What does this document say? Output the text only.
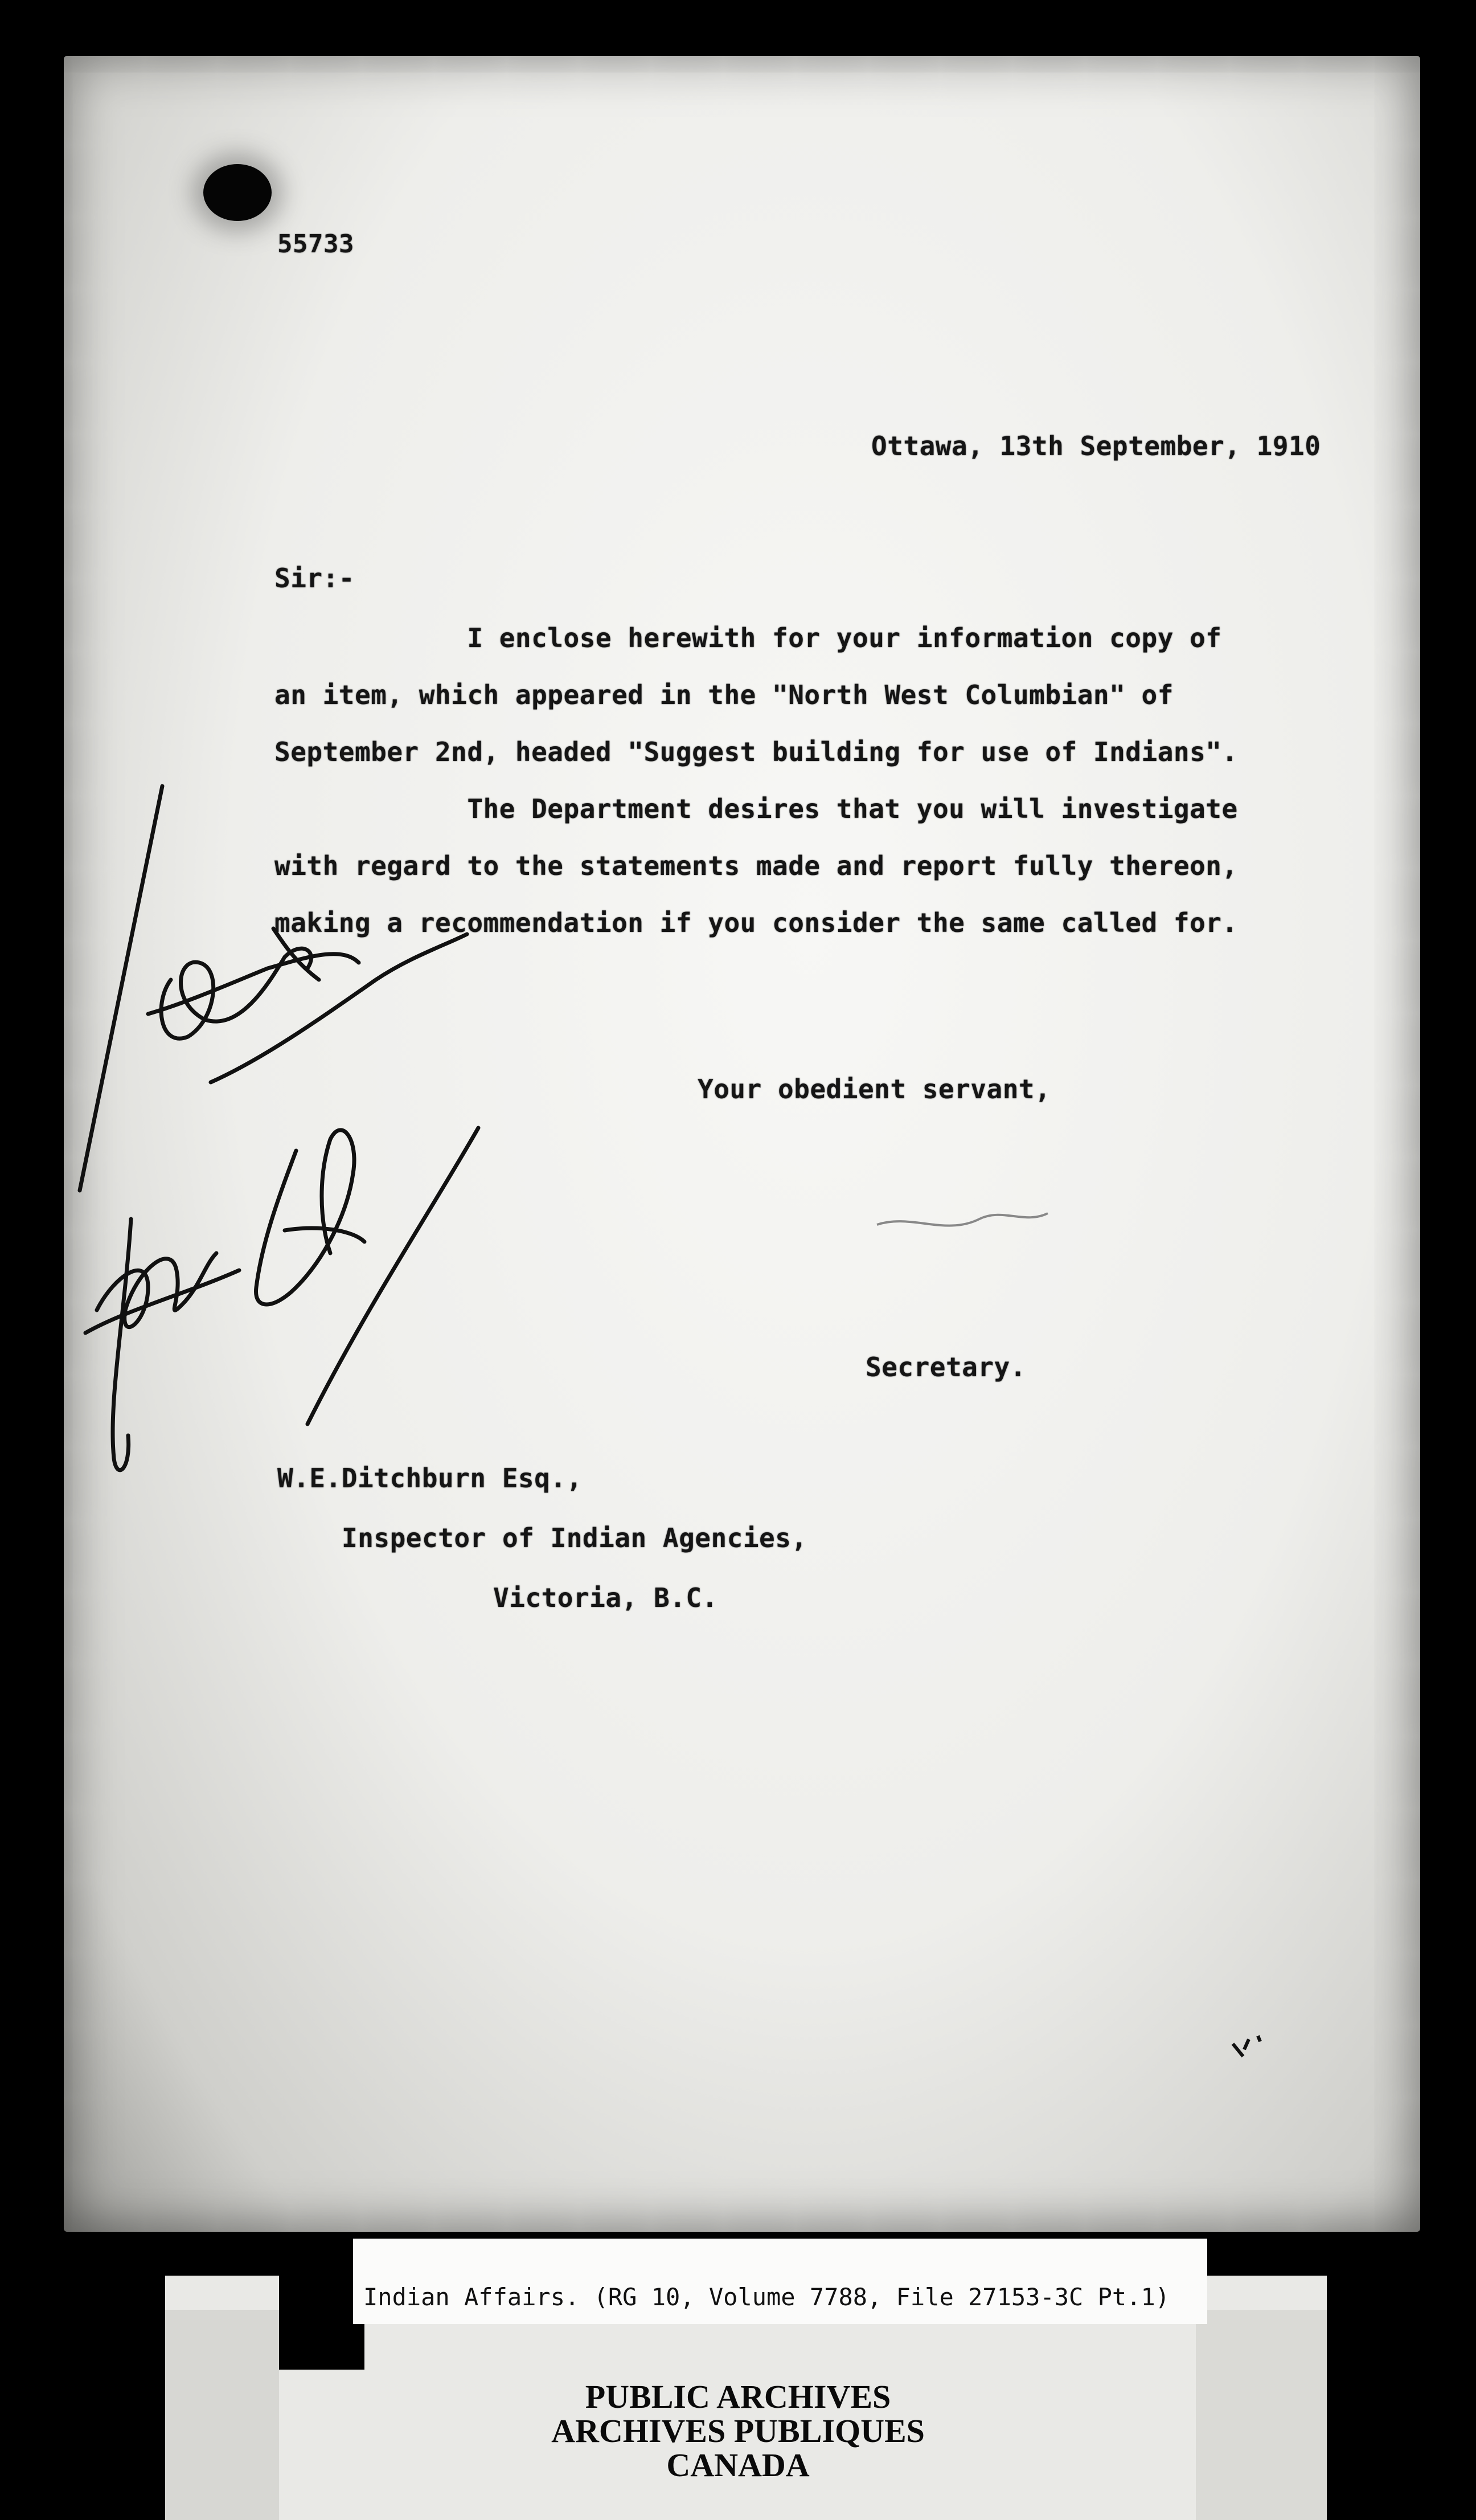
55733

Ottawa, 13th September, 1910

Sir:-

I enclose herewith for your information copy of

an item, which appeared in the "North West Columbian" of

September 2nd, headed "Suggest building for use of Indians".

The Department desires that you will investigate

with regard to the statements made and report fully thereon,

making a recommendation if you consider the same called for.

Your obedient servant,

Secretary.

W.E.Ditchburn Esq.,

Inspector of Indian Agencies,

Victoria, B.C.

Indian Affairs. (RG 10, Volume 7788, File 27153-3C Pt.1)

PUBLIC ARCHIVES

ARCHIVES PUBLIQUES

CANADA
